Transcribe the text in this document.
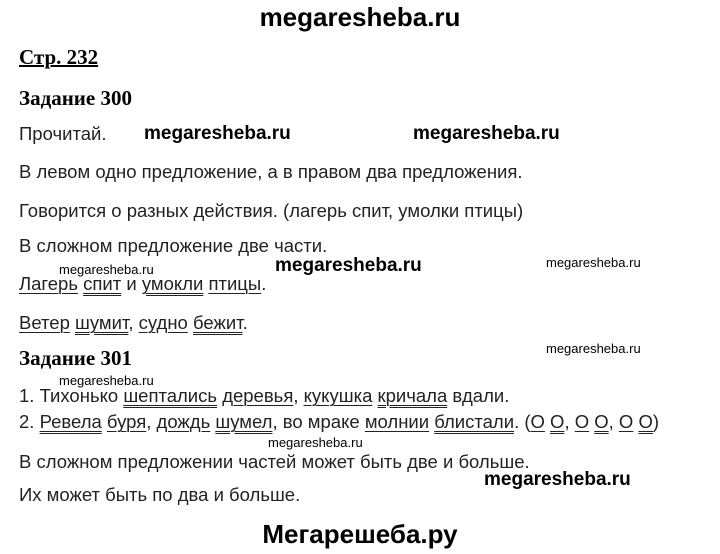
megaresheba.ru
Стр. 232
Задание 300
Прочитай.
В левом одно предложение, а в правом два предложения.
Говорится о разных действия. (лагерь спит, умолки птицы)
В сложном предложение две части.
Лагерь спит и умокли птицы.
Ветер шумит, судно бежит.
Задание 301
1. Тихонько шептались деревья, кукушка кричала вдали.
2. Ревела буря, дождь шумел, во мраке молнии блистали. (О О, О О, О О)
В сложном предложении частей может быть две и больше.
Их может быть по два и больше.
megaresheba.ru	megaresheba.ru
megaresheba.ru	megaresheba.ru	megaresheba.ru
megaresheba.ru
megaresheba.ru
megaresheba.ru
megaresheba.ru
Мегарешеба.ру
